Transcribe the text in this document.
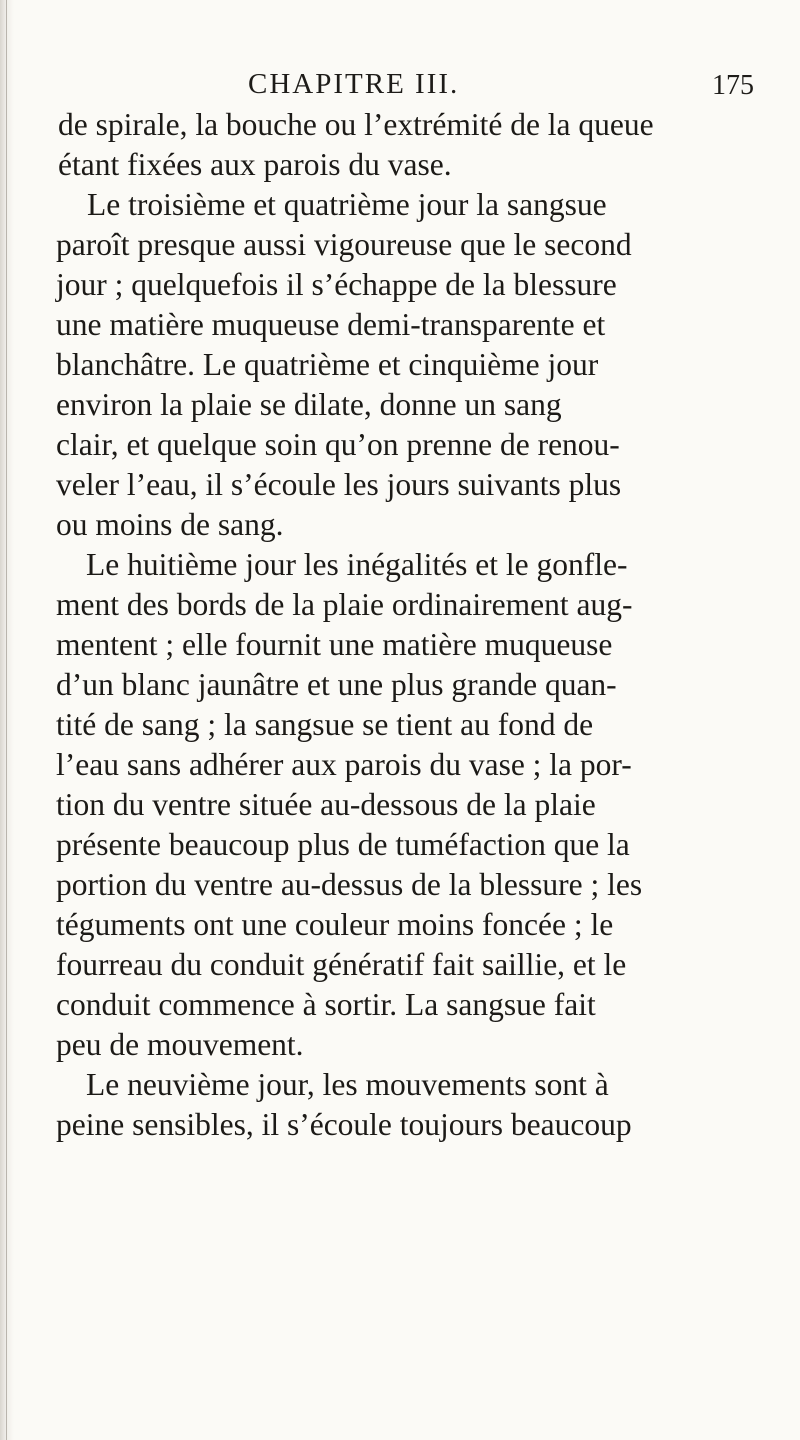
CHAPITRE III.	175
de spirale, la bouche ou l’extrémité de la queue
étant fixées aux parois du vase.
Le troisième et quatrième jour la sangsue
paroît presque aussi vigoureuse que le second
jour ; quelquefois il s’échappe de la blessure
une matière muqueuse demi-transparente et
blanchâtre. Le quatrième et cinquième jour
environ la plaie se dilate, donne un sang
clair, et quelque soin qu’on prenne de renou-
veler l’eau, il s’écoule les jours suivants plus
ou moins de sang.
Le huitième jour les inégalités et le gonfle-
ment des bords de la plaie ordinairement aug-
mentent ; elle fournit une matière muqueuse
d’un blanc jaunâtre et une plus grande quan-
tité de sang ; la sangsue se tient au fond de
l’eau sans adhérer aux parois du vase ; la por-
tion du ventre située au-dessous de la plaie
présente beaucoup plus de tuméfaction que la
portion du ventre au-dessus de la blessure ; les
téguments ont une couleur moins foncée ; le
fourreau du conduit génératif fait saillie, et le
conduit commence à sortir. La sangsue fait
peu de mouvement.
Le neuvième jour, les mouvements sont à
peine sensibles, il s’écoule toujours beaucoup
